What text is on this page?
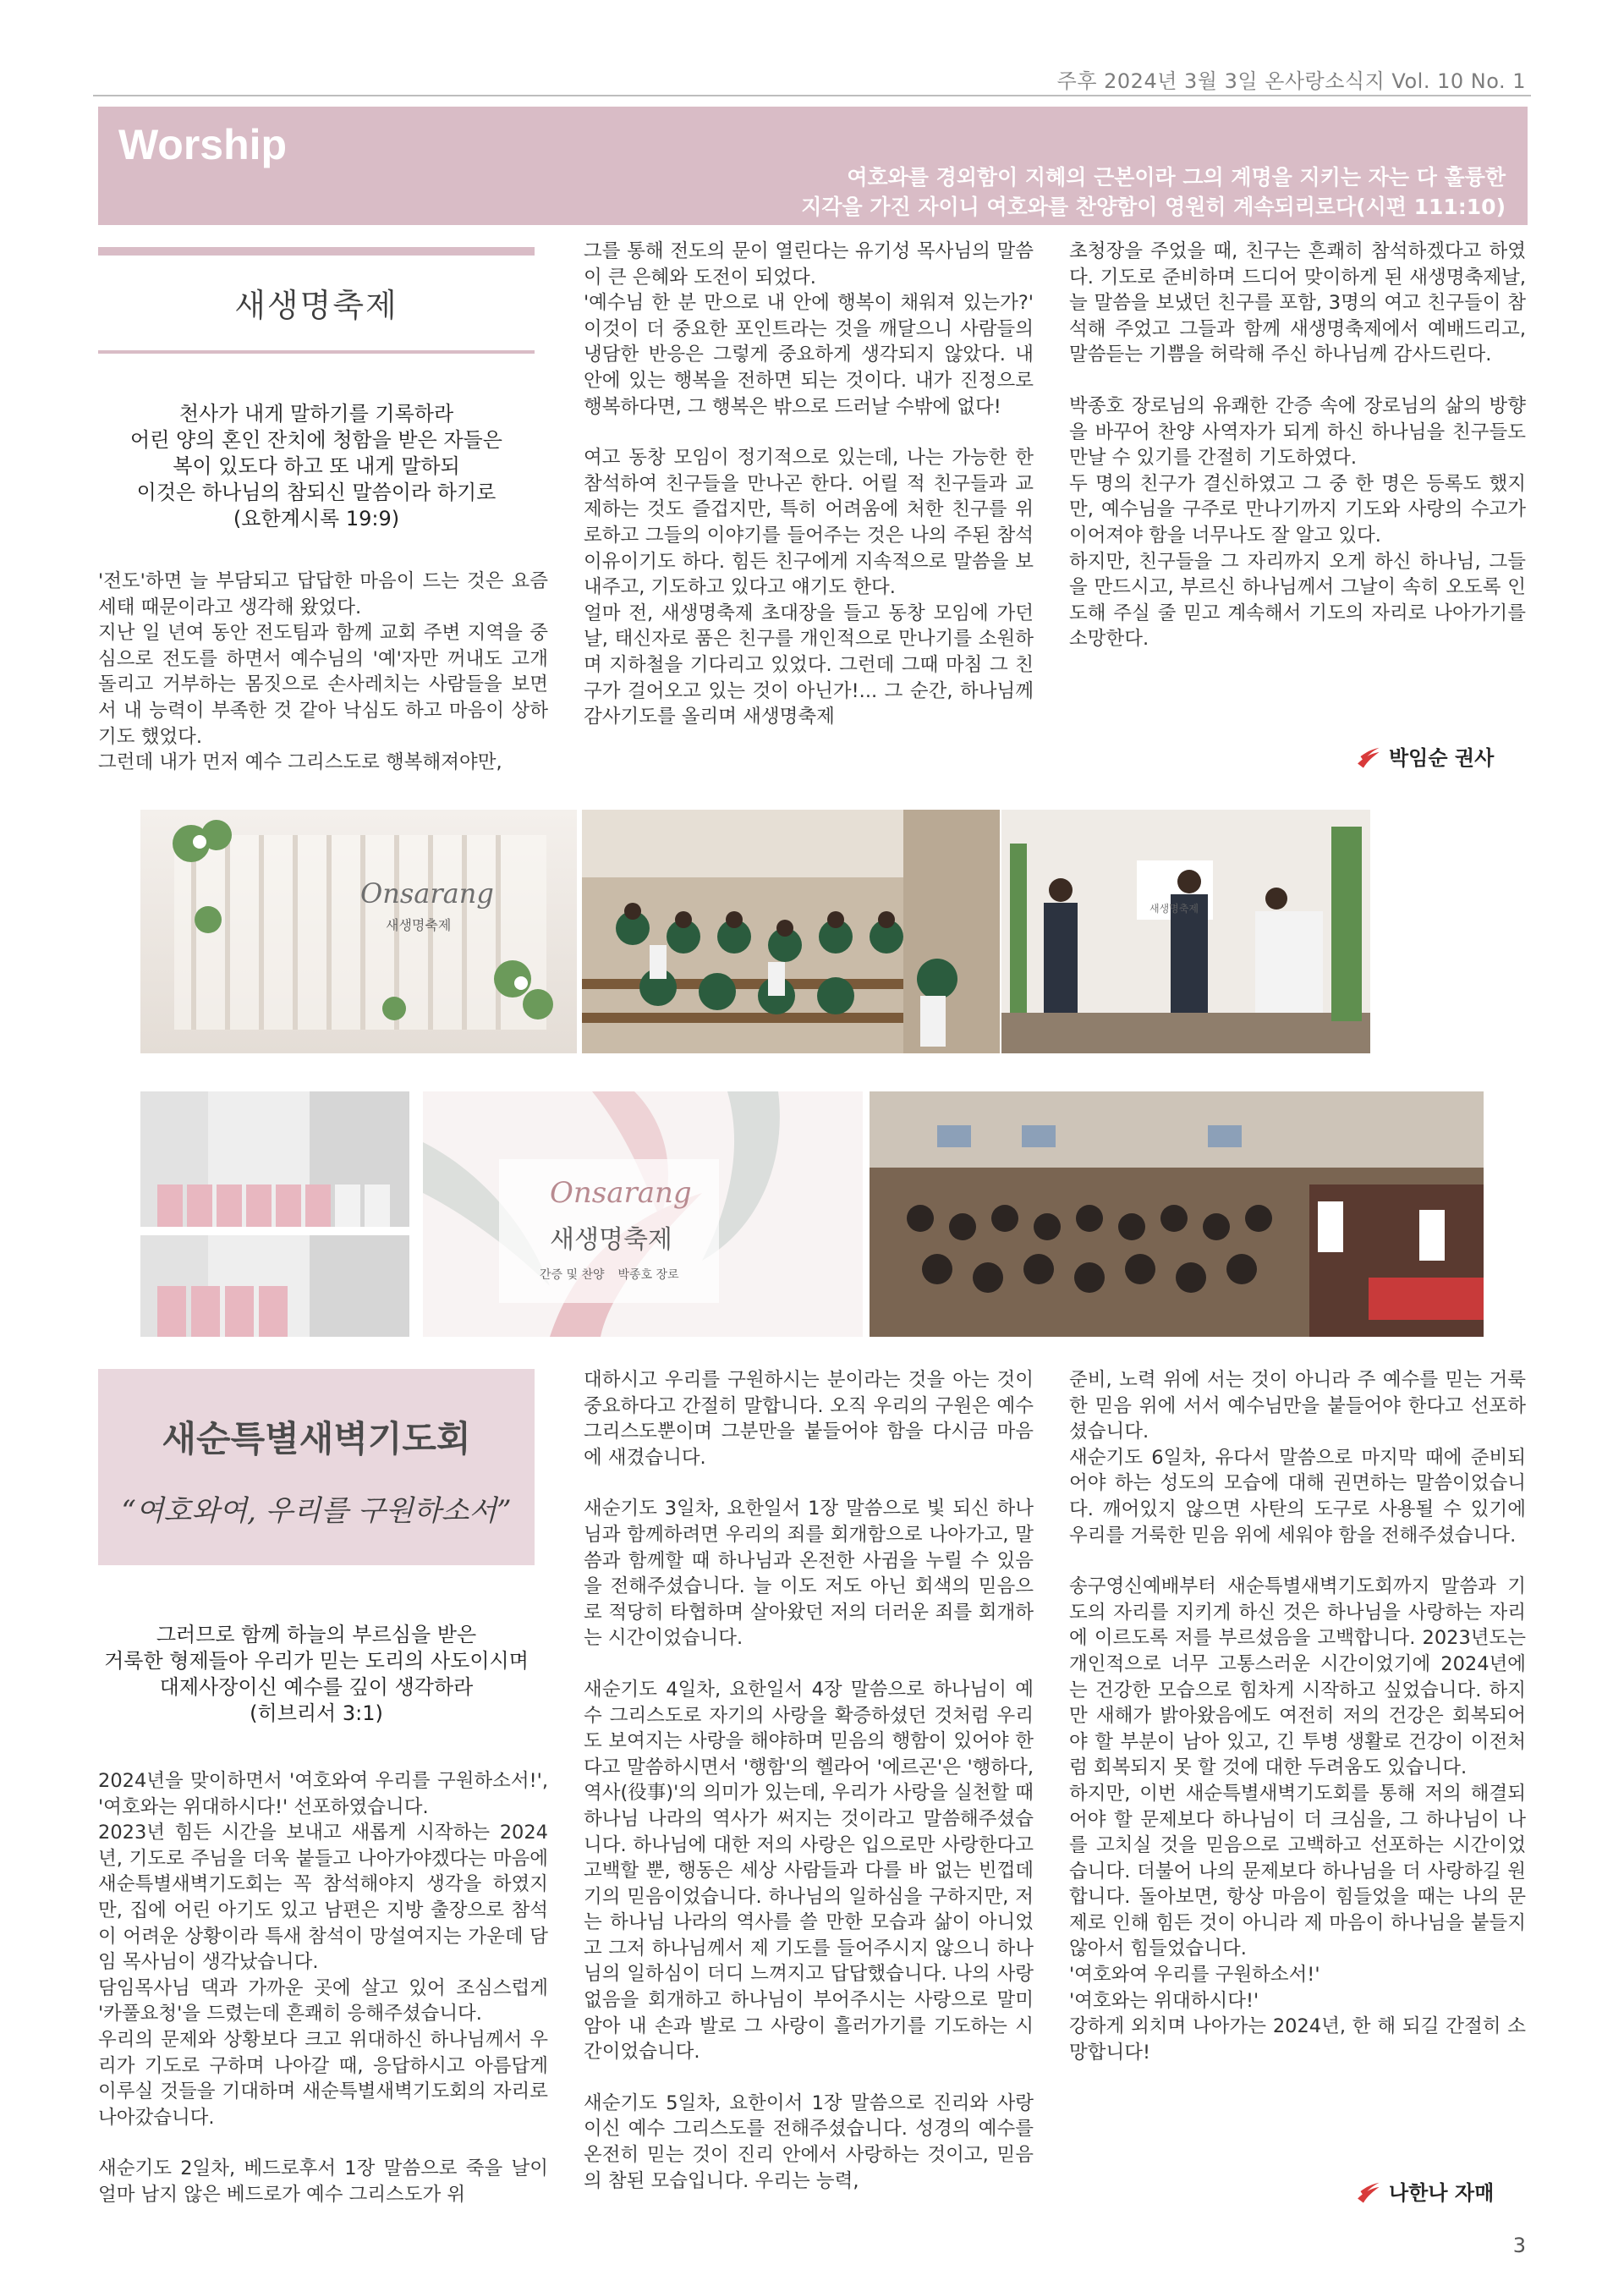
주후 2024년 3월 3일 온사랑소식지 Vol. 10 No. 1
Worship
여호와를 경외함이 지혜의 근본이라 그의 계명을 지키는 자는 다 훌륭한
지각을 가진 자이니 여호와를 찬양함이 영원히 계속되리로다(시편 111:10)
새생명축제
천사가 내게 말하기를 기록하라
어린 양의 혼인 잔치에 청함을 받은 자들은
복이 있도다 하고 또 내게 말하되
이것은 하나님의 참되신 말씀이라 하기로
(요한계시록 19:9)

'전도'하면 늘 부담되고 답답한 마음이 드는 것은 요즘 세태 때문이라고 생각해 왔었다.

지난 일 년여 동안 전도팀과 함께 교회 주변 지역을 중심으로 전도를 하면서 예수님의 '예'자만 꺼내도 고개돌리고 거부하는 몸짓으로 손사레치는 사람들을 보면서 내 능력이 부족한 것 같아 낙심도 하고 마음이 상하기도 했었다.

그런데 내가 먼저 예수 그리스도로 행복해져야만,

그를 통해 전도의 문이 열린다는 유기성 목사님의 말씀이 큰 은혜와 도전이 되었다.

'예수님 한 분 만으로 내 안에 행복이 채워져 있는가?' 이것이 더 중요한 포인트라는 것을 깨달으니 사람들의 냉담한 반응은 그렇게 중요하게 생각되지 않았다. 내 안에 있는 행복을 전하면 되는 것이다. 내가 진정으로 행복하다면, 그 행복은 밖으로 드러날 수밖에 없다!

여고 동창 모임이 정기적으로 있는데, 나는 가능한 한 참석하여 친구들을 만나곤 한다. 어릴 적 친구들과 교제하는 것도 즐겁지만, 특히 어려움에 처한 친구를 위로하고 그들의 이야기를 들어주는 것은 나의 주된 참석 이유이기도 하다. 힘든 친구에게 지속적으로 말씀을 보내주고, 기도하고 있다고 얘기도 한다.

얼마 전, 새생명축제 초대장을 들고 동창 모임에 가던 날, 태신자로 품은 친구를 개인적으로 만나기를 소원하며 지하철을 기다리고 있었다. 그런데 그때 마침 그 친구가 걸어오고 있는 것이 아닌가!... 그 순간, 하나님께 감사기도를 올리며 새생명축제

초청장을 주었을 때, 친구는 흔쾌히 참석하겠다고 하였다. 기도로 준비하며 드디어 맞이하게 된 새생명축제날, 늘 말씀을 보냈던 친구를 포함, 3명의 여고 친구들이 참석해 주었고 그들과 함께 새생명축제에서 예배드리고, 말씀듣는 기쁨을 허락해 주신 하나님께 감사드린다.

박종호 장로님의 유쾌한 간증 속에 장로님의 삶의 방향을 바꾸어 찬양 사역자가 되게 하신 하나님을 친구들도 만날 수 있기를 간절히 기도하였다.

두 명의 친구가 결신하였고 그 중 한 명은 등록도 했지만, 예수님을 구주로 만나기까지 기도와 사랑의 수고가 이어져야 함을 너무나도 잘 알고 있다.

하지만, 친구들을 그 자리까지 오게 하신 하나님, 그들을 만드시고, 부르신 하나님께서 그날이 속히 오도록 인도해 주실 줄 믿고 계속해서 기도의 자리로 나아가기를 소망한다.

박임순 권사
Onsarang
새생명축제
새생명축제
Onsarang
새생명축제
간증 및 찬양 박종호 장로
새순특별새벽기도회
“여호와여, 우리를 구원하소서”
그러므로 함께 하늘의 부르심을 받은
거룩한 형제들아 우리가 믿는 도리의 사도이시며
대제사장이신 예수를 깊이 생각하라
(히브리서 3:1)

2024년을 맞이하면서 '여호와여 우리를 구원하소서!', '여호와는 위대하시다!' 선포하였습니다.

2023년 힘든 시간을 보내고 새롭게 시작하는 2024년, 기도로 주님을 더욱 붙들고 나아가야겠다는 마음에 새순특별새벽기도회는 꼭 참석해야지 생각을 하였지만, 집에 어린 아기도 있고 남편은 지방 출장으로 참석이 어려운 상황이라 특새 참석이 망설여지는 가운데 담임 목사님이 생각났습니다.

담임목사님 댁과 가까운 곳에 살고 있어 조심스럽게 '카풀요청'을 드렸는데 흔쾌히 응해주셨습니다.

우리의 문제와 상황보다 크고 위대하신 하나님께서 우리가 기도로 구하며 나아갈 때, 응답하시고 아름답게 이루실 것들을 기대하며 새순특별새벽기도회의 자리로 나아갔습니다.

새순기도 2일차, 베드로후서 1장 말씀으로 죽을 날이 얼마 남지 않은 베드로가 예수 그리스도가 위

대하시고 우리를 구원하시는 분이라는 것을 아는 것이 중요하다고 간절히 말합니다. 오직 우리의 구원은 예수 그리스도뿐이며 그분만을 붙들어야 함을 다시금 마음에 새겼습니다.

새순기도 3일차, 요한일서 1장 말씀으로 빛 되신 하나님과 함께하려면 우리의 죄를 회개함으로 나아가고, 말씀과 함께할 때 하나님과 온전한 사귐을 누릴 수 있음을 전해주셨습니다. 늘 이도 저도 아닌 회색의 믿음으로 적당히 타협하며 살아왔던 저의 더러운 죄를 회개하는 시간이었습니다.

새순기도 4일차, 요한일서 4장 말씀으로 하나님이 예수 그리스도로 자기의 사랑을 확증하셨던 것처럼 우리도 보여지는 사랑을 해야하며 믿음의 행함이 있어야 한다고 말씀하시면서 '행함'의 헬라어 '에르곤'은 '행하다, 역사(役事)'의 의미가 있는데, 우리가 사랑을 실천할 때 하나님 나라의 역사가 써지는 것이라고 말씀해주셨습니다. 하나님에 대한 저의 사랑은 입으로만 사랑한다고 고백할 뿐, 행동은 세상 사람들과 다를 바 없는 빈껍데기의 믿음이었습니다. 하나님의 일하심을 구하지만, 저는 하나님 나라의 역사를 쓸 만한 모습과 삶이 아니었고 그저 하나님께서 제 기도를 들어주시지 않으니 하나님의 일하심이 더디 느껴지고 답답했습니다. 나의 사랑없음을 회개하고 하나님이 부어주시는 사랑으로 말미암아 내 손과 발로 그 사랑이 흘러가기를 기도하는 시간이었습니다.

새순기도 5일차, 요한이서 1장 말씀으로 진리와 사랑이신 예수 그리스도를 전해주셨습니다. 성경의 예수를 온전히 믿는 것이 진리 안에서 사랑하는 것이고, 믿음의 참된 모습입니다. 우리는 능력,

준비, 노력 위에 서는 것이 아니라 주 예수를 믿는 거룩한 믿음 위에 서서 예수님만을 붙들어야 한다고 선포하셨습니다.

새순기도 6일차, 유다서 말씀으로 마지막 때에 준비되어야 하는 성도의 모습에 대해 권면하는 말씀이었습니다. 깨어있지 않으면 사탄의 도구로 사용될 수 있기에 우리를 거룩한 믿음 위에 세워야 함을 전해주셨습니다.

송구영신예배부터 새순특별새벽기도회까지 말씀과 기도의 자리를 지키게 하신 것은 하나님을 사랑하는 자리에 이르도록 저를 부르셨음을 고백합니다. 2023년도는 개인적으로 너무 고통스러운 시간이었기에 2024년에는 건강한 모습으로 힘차게 시작하고 싶었습니다. 하지만 새해가 밝아왔음에도 여전히 저의 건강은 회복되어야 할 부분이 남아 있고, 긴 투병 생활로 건강이 이전처럼 회복되지 못 할 것에 대한 두려움도 있습니다.

하지만, 이번 새순특별새벽기도회를 통해 저의 해결되어야 할 문제보다 하나님이 더 크심을, 그 하나님이 나를 고치실 것을 믿음으로 고백하고 선포하는 시간이었습니다. 더불어 나의 문제보다 하나님을 더 사랑하길 원합니다. 돌아보면, 항상 마음이 힘들었을 때는 나의 문제로 인해 힘든 것이 아니라 제 마음이 하나님을 붙들지 않아서 힘들었습니다.

'여호와여 우리를 구원하소서!'

'여호와는 위대하시다!'

강하게 외치며 나아가는 2024년, 한 해 되길 간절히 소망합니다!

나한나 자매
3
